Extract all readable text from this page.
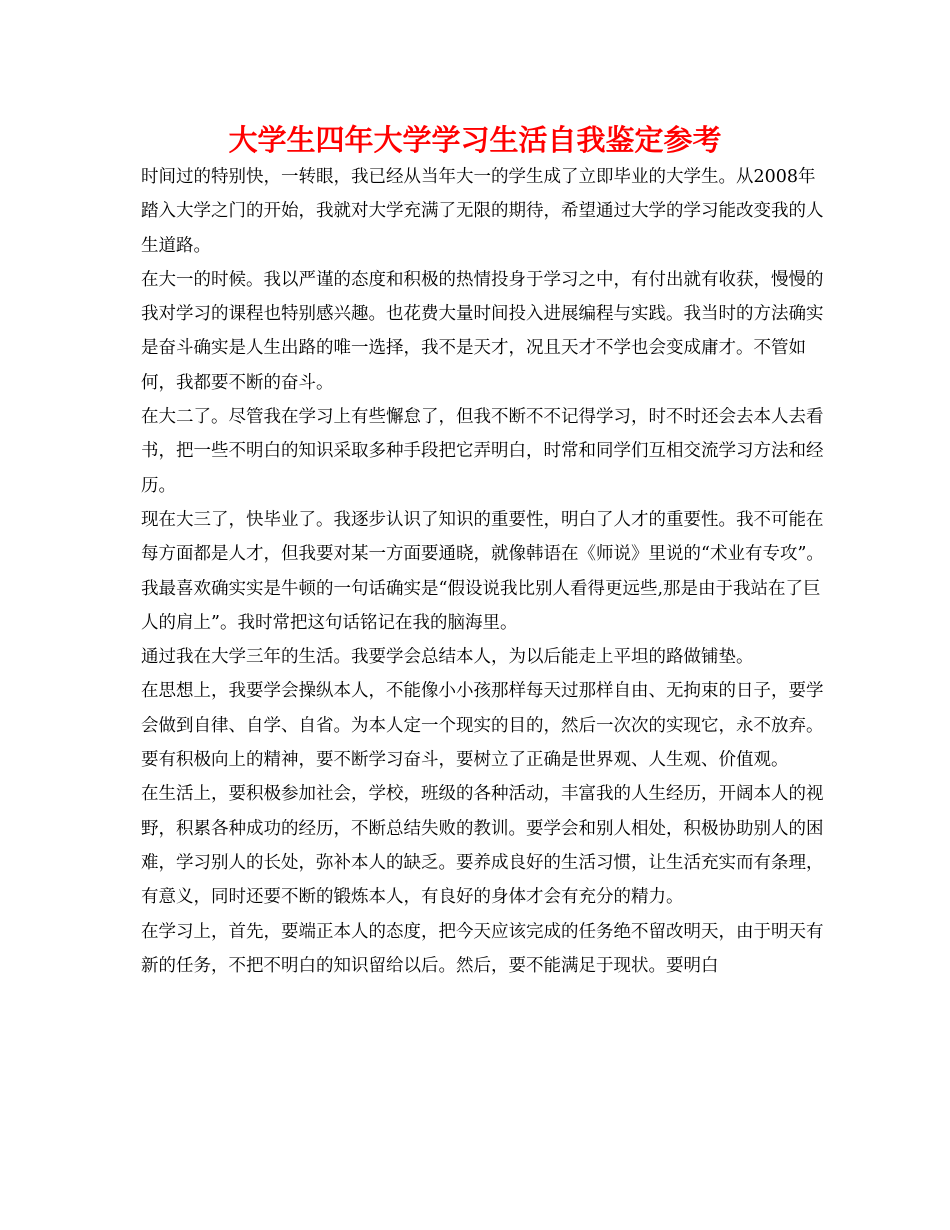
大学生四年大学学习生活自我鉴定参考

时间过的特别快，一转眼，我已经从当年大一的学生成了立即毕业的大学生。从2008年踏入大学之门的开始，我就对大学充满了无限的期待，希望通过大学的学习能改变我的人生道路。

在大一的时候。我以严谨的态度和积极的热情投身于学习之中，有付出就有收获，慢慢的我对学习的课程也特别感兴趣。也花费大量时间投入进展编程与实践。我当时的方法确实是奋斗确实是人生出路的唯一选择，我不是天才，况且天才不学也会变成庸才。不管如何，我都要不断的奋斗。

在大二了。尽管我在学习上有些懈怠了，但我不断不不记得学习，时不时还会去本人去看书，把一些不明白的知识采取多种手段把它弄明白，时常和同学们互相交流学习方法和经历。

现在大三了，快毕业了。我逐步认识了知识的重要性，明白了人才的重要性。我不可能在每方面都是人才，但我要对某一方面要通晓，就像韩语在《师说》里说的“术业有专攻”。

我最喜欢确实实是牛顿的一句话确实是“假设说我比别人看得更远些,那是由于我站在了巨人的肩上”。我时常把这句话铭记在我的脑海里。

通过我在大学三年的生活。我要学会总结本人，为以后能走上平坦的路做铺垫。

在思想上，我要学会操纵本人，不能像小小孩那样每天过那样自由、无拘束的日子，要学会做到自律、自学、自省。为本人定一个现实的目的，然后一次次的实现它，永不放弃。

要有积极向上的精神，要不断学习奋斗，要树立了正确是世界观、人生观、价值观。

在生活上，要积极参加社会，学校，班级的各种活动，丰富我的人生经历，开阔本人的视野，积累各种成功的经历，不断总结失败的教训。要学会和别人相处，积极协助别人的困难，学习别人的长处，弥补本人的缺乏。要养成良好的生活习惯，让生活充实而有条理，有意义，同时还要不断的锻炼本人，有良好的身体才会有充分的精力。

在学习上，首先，要端正本人的态度，把今天应该完成的任务绝不留改明天，由于明天有新的任务，不把不明白的知识留给以后。然后，要不能满足于现状。要明白
